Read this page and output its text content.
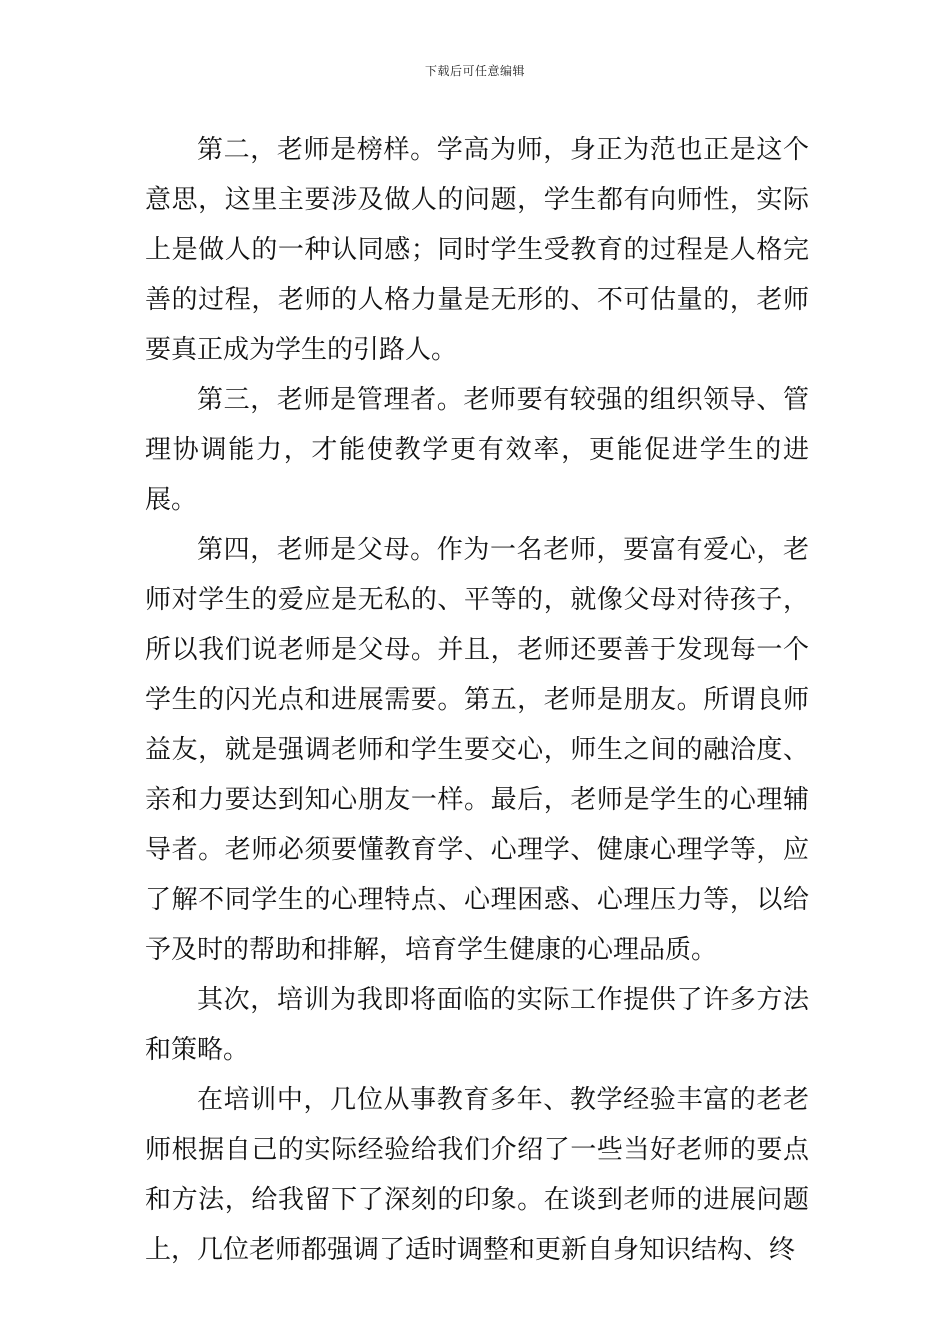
下载后可任意编辑

第二，老师是榜样。学高为师，身正为范也正是这个意思，这里主要涉及做人的问题，学生都有向师性，实际上是做人的一种认同感；同时学生受教育的过程是人格完善的过程，老师的人格力量是无形的、不可估量的，老师要真正成为学生的引路人。

第三，老师是管理者。老师要有较强的组织领导、管理协调能力，才能使教学更有效率，更能促进学生的进展。

第四，老师是父母。作为一名老师，要富有爱心，老师对学生的爱应是无私的、平等的，就像父母对待孩子，所以我们说老师是父母。并且，老师还要善于发现每一个学生的闪光点和进展需要。第五，老师是朋友。所谓良师益友，就是强调老师和学生要交心，师生之间的融洽度、亲和力要达到知心朋友一样。最后，老师是学生的心理辅导者。老师必须要懂教育学、心理学、健康心理学等，应了解不同学生的心理特点、心理困惑、心理压力等，以给予及时的帮助和排解，培育学生健康的心理品质。

其次，培训为我即将面临的实际工作提供了许多方法和策略。

在培训中，几位从事教育多年、教学经验丰富的老老师根据自己的实际经验给我们介绍了一些当好老师的要点和方法，给我留下了深刻的印象。在谈到老师的进展问题上，几位老师都强调了适时调整和更新自身知识结构、终
